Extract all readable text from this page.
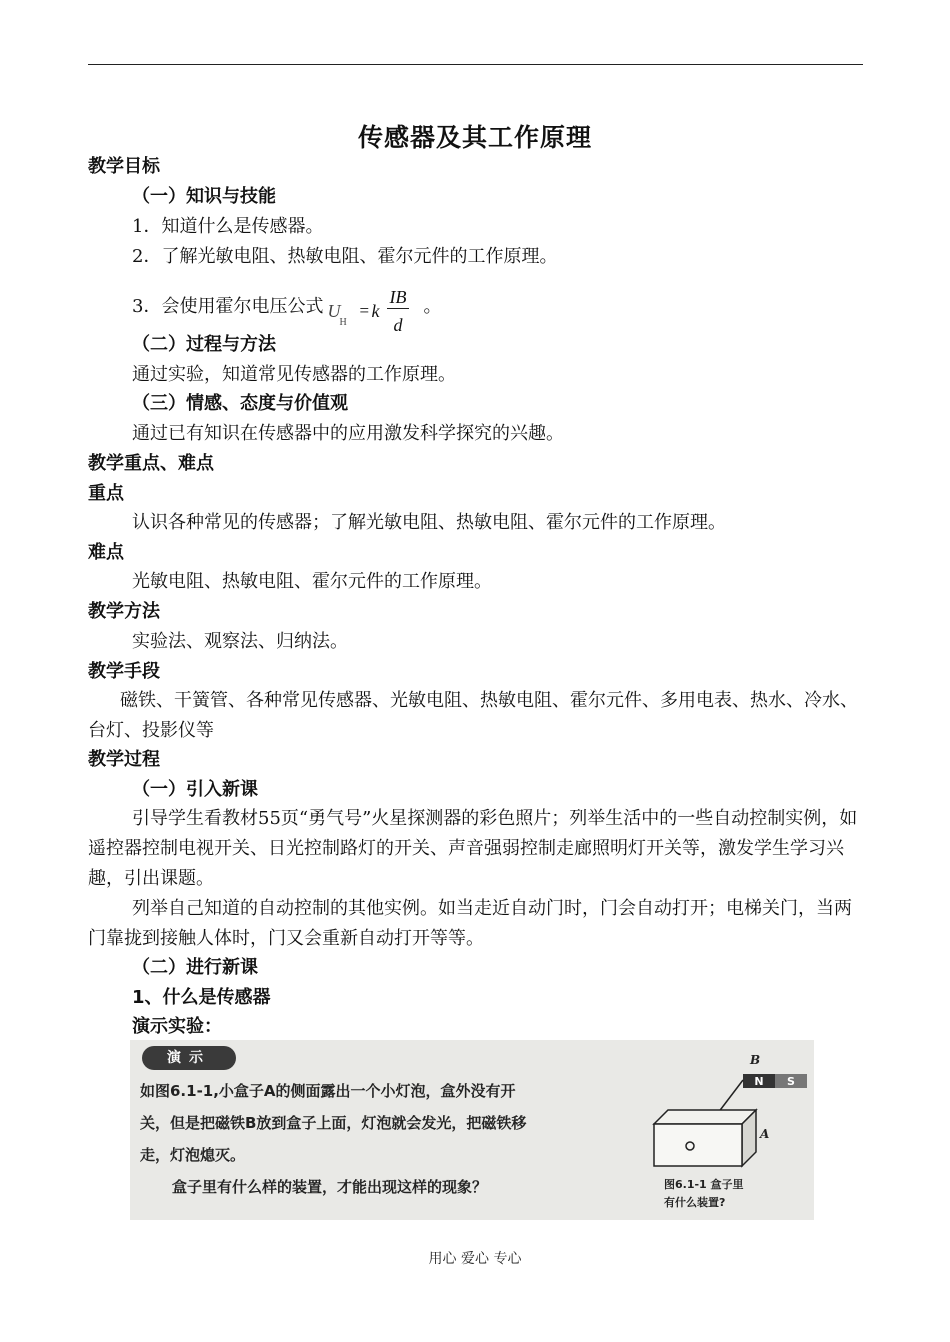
传感器及其工作原理
教学目标
（一）知识与技能
1．知道什么是传感器。
2．了解光敏电阻、热敏电阻、霍尔元件的工作原理。
3．会使用霍尔电压公式 U
H
= k
IB
d
。
（二）过程与方法
通过实验，知道常见传感器的工作原理。
（三）情感、态度与价值观
通过已有知识在传感器中的应用激发科学探究的兴趣。
教学重点、难点
重点
认识各种常见的传感器；了解光敏电阻、热敏电阻、霍尔元件的工作原理。
难点
光敏电阻、热敏电阻、霍尔元件的工作原理。
教学方法
实验法、观察法、归纳法。
教学手段
磁铁、干簧管、各种常见传感器、光敏电阻、热敏电阻、霍尔元件、多用电表、热水、冷水、台灯、投影仪等
教学过程
（一）引入新课
引导学生看教材55页“勇气号”火星探测器的彩色照片；列举生活中的一些自动控制实例，如遥控器控制电视开关、日光控制路灯的开关、声音强弱控制走廊照明灯开关等，激发学生学习兴趣，引出课题。
列举自己知道的自动控制的其他实例。如当走近自动门时，门会自动打开；电梯关门，当两门靠拢到接触人体时，门又会重新自动打开等等。
（二）进行新课
1、什么是传感器
演示实验：
演示
如图6.1-1,小盒子A的侧面露出一个小灯泡，盒外没有开
关，但是把磁铁B放到盒子上面，灯泡就会发光，把磁铁移
走，灯泡熄灭。
盒子里有什么样的装置，才能出现这样的现象？
N S
B
A
图6.1-1 盒子里
有什么装置?
用心 爱心 专心
